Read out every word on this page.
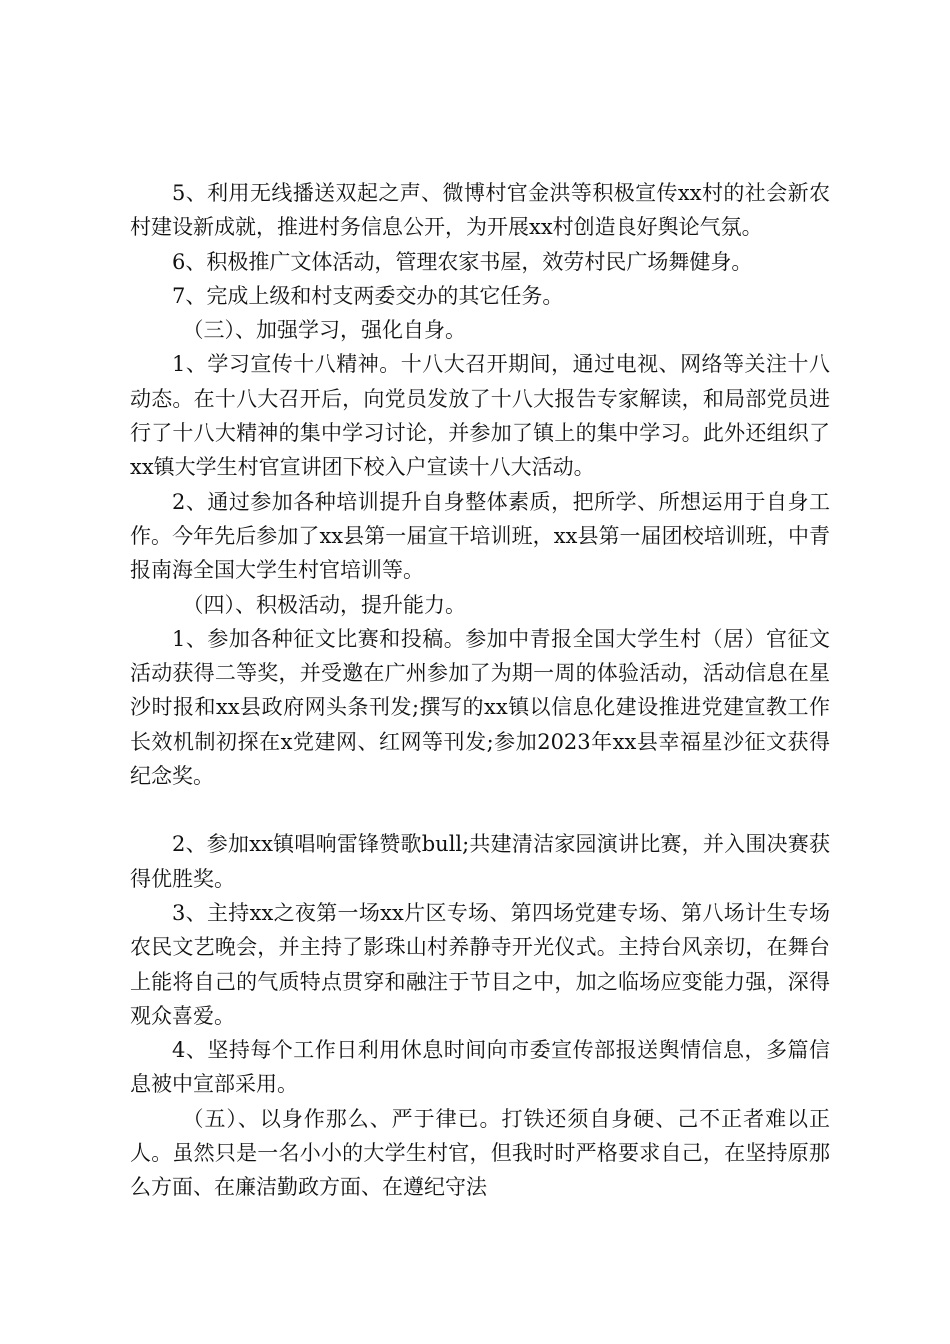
5、利用无线播送双起之声、微博村官金洪等积极宣传xx村的社会新农村建设新成就，推进村务信息公开，为开展xx村创造良好舆论气氛。

6、积极推广文体活动，管理农家书屋，效劳村民广场舞健身。

7、完成上级和村支两委交办的其它任务。

（三）、加强学习，强化自身。

1、学习宣传十八精神。十八大召开期间，通过电视、网络等关注十八动态。在十八大召开后，向党员发放了十八大报告专家解读，和局部党员进行了十八大精神的集中学习讨论，并参加了镇上的集中学习。此外还组织了xx镇大学生村官宣讲团下校入户宣读十八大活动。

2、通过参加各种培训提升自身整体素质，把所学、所想运用于自身工作。今年先后参加了xx县第一届宣干培训班，xx县第一届团校培训班，中青报南海全国大学生村官培训等。

（四）、积极活动，提升能力。

1、参加各种征文比赛和投稿。参加中青报全国大学生村（居）官征文活动获得二等奖，并受邀在广州参加了为期一周的体验活动，活动信息在星沙时报和xx县政府网头条刊发;撰写的xx镇以信息化建设推进党建宣教工作长效机制初探在x党建网、红网等刊发;参加2023年xx县幸福星沙征文获得纪念奖。

2、参加xx镇唱响雷锋赞歌bull;共建清洁家园演讲比赛，并入围决赛获得优胜奖。

3、主持xx之夜第一场xx片区专场、第四场党建专场、第八场计生专场农民文艺晚会，并主持了影珠山村养静寺开光仪式。主持台风亲切，在舞台上能将自己的气质特点贯穿和融注于节目之中，加之临场应变能力强，深得观众喜爱。

4、坚持每个工作日利用休息时间向市委宣传部报送舆情信息，多篇信息被中宣部采用。

（五）、以身作那么、严于律已。打铁还须自身硬、己不正者难以正人。虽然只是一名小小的大学生村官，但我时时严格要求自己，在坚持原那么方面、在廉洁勤政方面、在遵纪守法
